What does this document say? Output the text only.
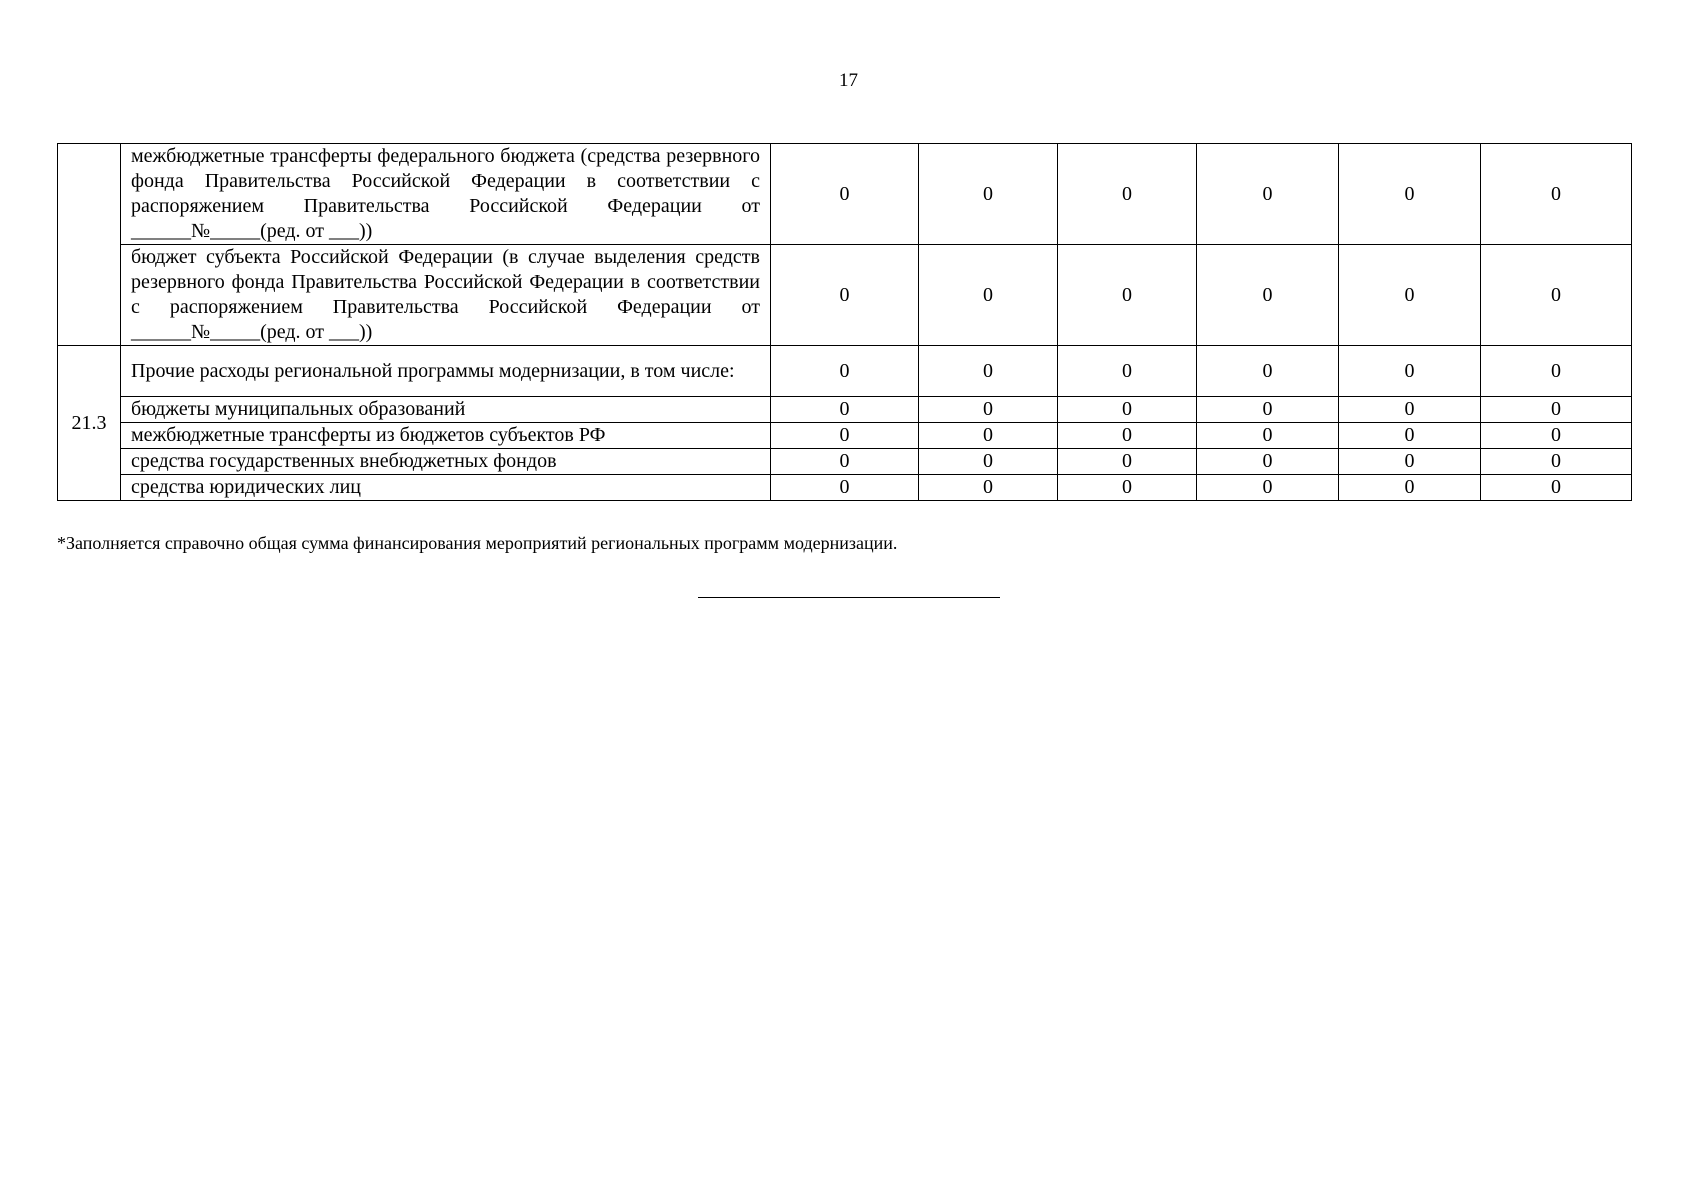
17
	межбюджетные трансферты федерального бюджета (средства резервного фонда Правительства Российской Федерации в соответствии с распоряжением Правительства Российской Федерации от ______№_____(ред. от ___))	0	0	0	0	0	0
	бюджет субъекта Российской Федерации (в случае выделения средств резервного фонда Правительства Российской Федерации в соответствии с распоряжением Правительства Российской Федерации от ______№_____(ред. от ___))	0	0	0	0	0	0
21.3	Прочие расходы региональной программы модернизации, в том числе:	0	0	0	0	0	0
	бюджеты муниципальных образований	0	0	0	0	0	0
	межбюджетные трансферты из бюджетов субъектов РФ	0	0	0	0	0	0
	средства государственных внебюджетных фондов	0	0	0	0	0	0
	средства юридических лиц	0	0	0	0	0	0
*Заполняется справочно общая сумма финансирования мероприятий региональных программ модернизации.
